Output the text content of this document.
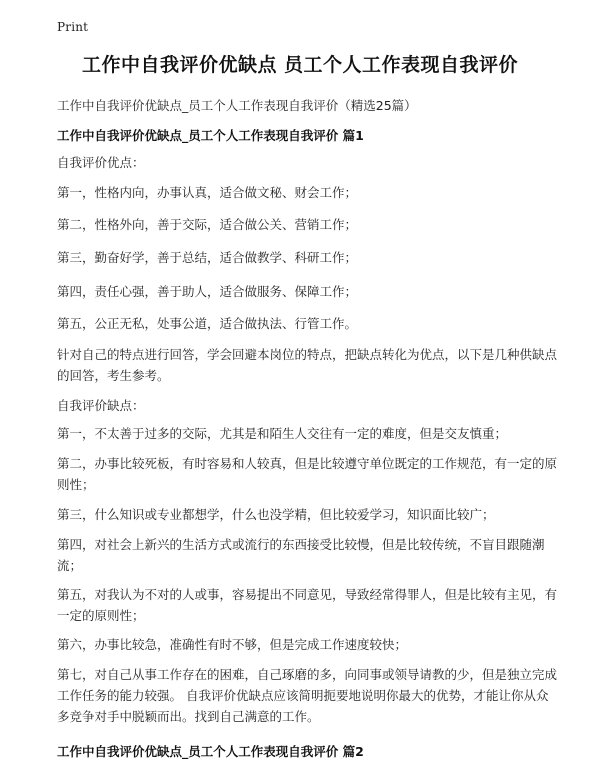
Print
工作中自我评价优缺点 员工个人工作表现自我评价
工作中自我评价优缺点_员工个人工作表现自我评价（精选25篇）
工作中自我评价优缺点_员工个人工作表现自我评价 篇1
自我评价优点：
第一，性格内向，办事认真，适合做文秘、财会工作；
第二，性格外向，善于交际，适合做公关、营销工作；
第三，勤奋好学，善于总结，适合做教学、科研工作；
第四，责任心强，善于助人，适合做服务、保障工作；
第五，公正无私，处事公道，适合做执法、行管工作。
针对自己的特点进行回答，学会回避本岗位的特点，把缺点转化为优点，以下是几种供缺点的回答，考生参考。
自我评价缺点：
第一，不太善于过多的交际，尤其是和陌生人交往有一定的难度，但是交友慎重；
第二，办事比较死板，有时容易和人较真，但是比较遵守单位既定的工作规范，有一定的原则性；
第三，什么知识或专业都想学，什么也没学精，但比较爱学习，知识面比较广；
第四，对社会上新兴的生活方式或流行的东西接受比较慢，但是比较传统，不盲目跟随潮流；
第五，对我认为不对的人或事，容易提出不同意见，导致经常得罪人，但是比较有主见，有一定的原则性；
第六，办事比较急，准确性有时不够，但是完成工作速度较快；
第七，对自己从事工作存在的困难，自己琢磨的多，向同事或领导请教的少，但是独立完成工作任务的能力较强。 自我评价优缺点应该简明扼要地说明你最大的优势，才能让你从众多竞争对手中脱颖而出。找到自己满意的工作。
工作中自我评价优缺点_员工个人工作表现自我评价 篇2
